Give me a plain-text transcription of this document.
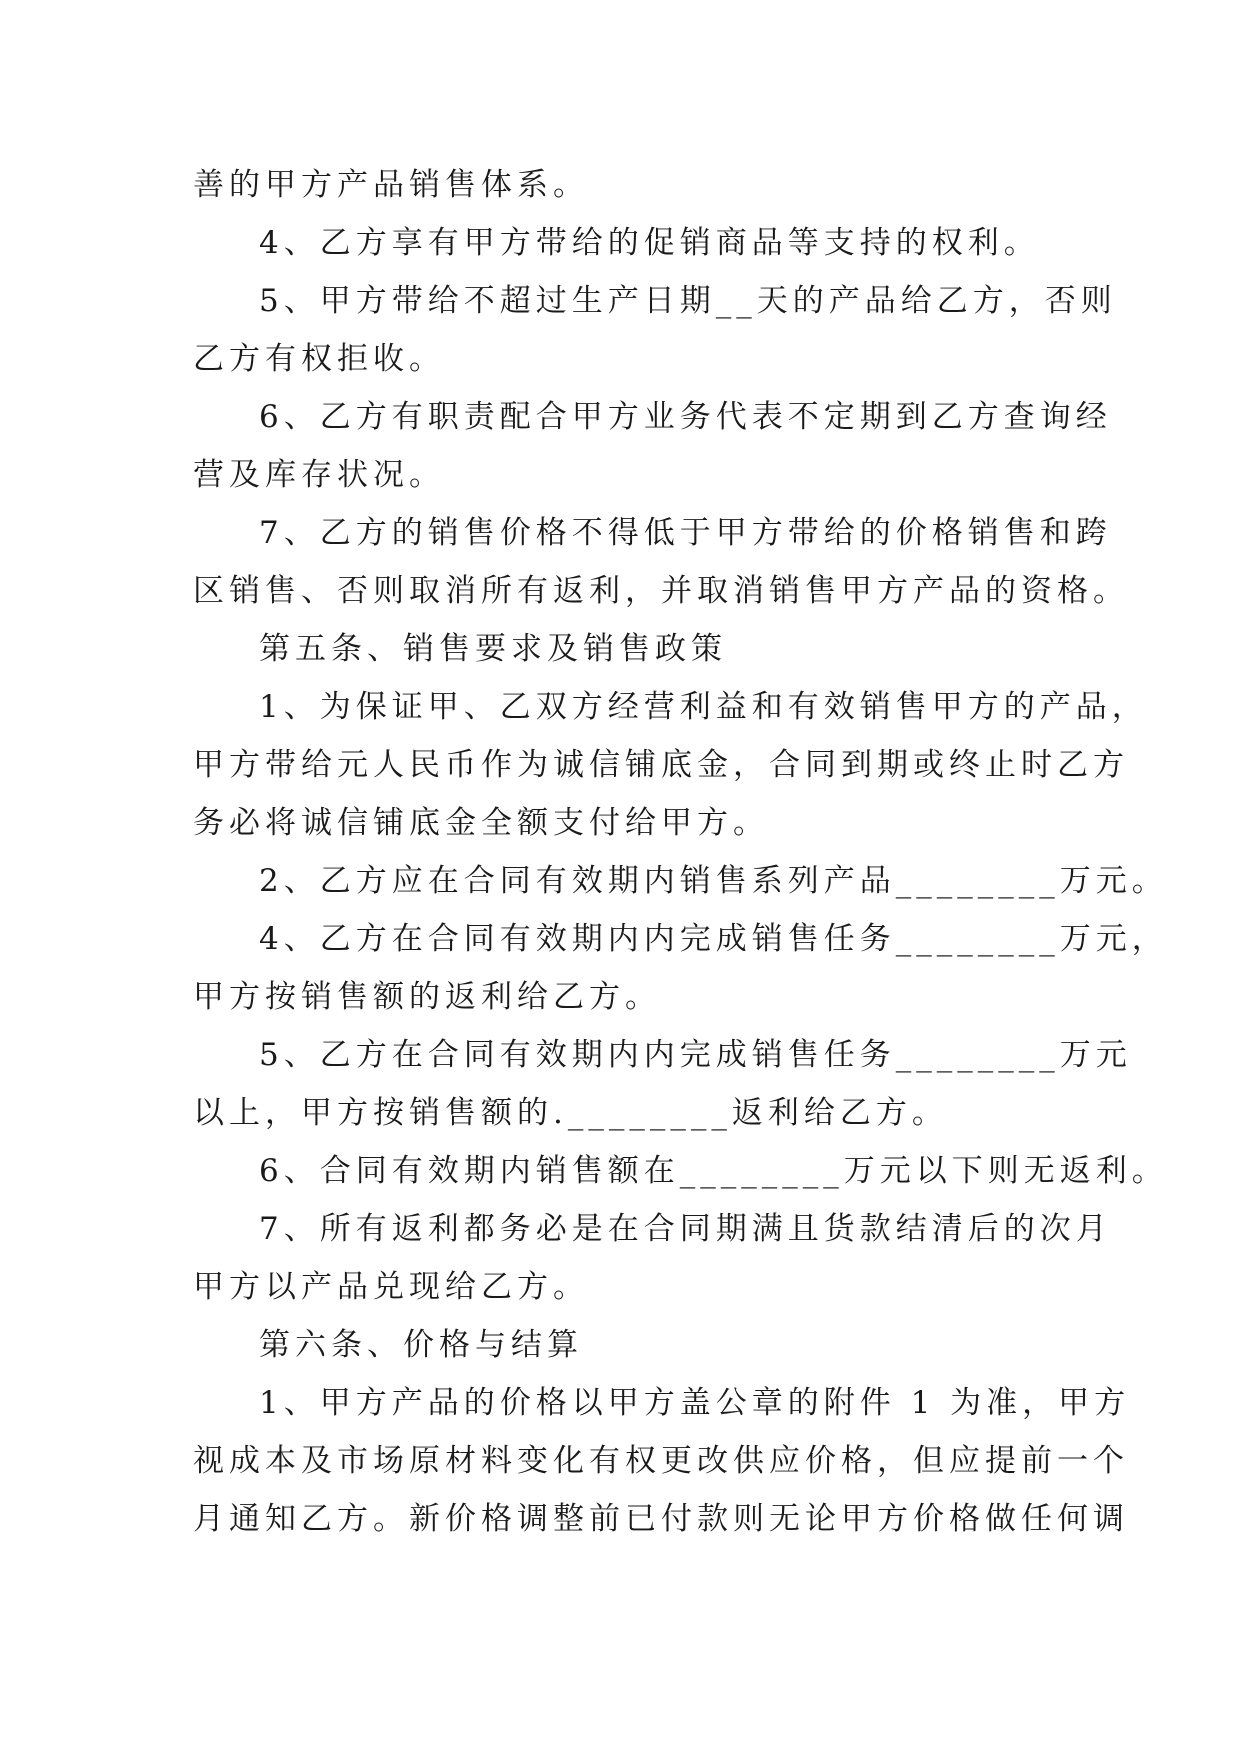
善的甲方产品销售体系。
4、乙方享有甲方带给的促销商品等支持的权利。
5、甲方带给不超过生产日期__天的产品给乙方，否则
乙方有权拒收。
6、乙方有职责配合甲方业务代表不定期到乙方查询经
营及库存状况。
7、乙方的销售价格不得低于甲方带给的价格销售和跨
区销售、否则取消所有返利，并取消销售甲方产品的资格。
第五条、销售要求及销售政策
1、为保证甲、乙双方经营利益和有效销售甲方的产品，
甲方带给元人民币作为诚信铺底金，合同到期或终止时乙方
务必将诚信铺底金全额支付给甲方。
2、乙方应在合同有效期内销售系列产品________万元。
4、乙方在合同有效期内内完成销售任务________万元，
甲方按销售额的返利给乙方。
5、乙方在合同有效期内内完成销售任务________万元
以上，甲方按销售额的.________返利给乙方。
6、合同有效期内销售额在________万元以下则无返利。
7、所有返利都务必是在合同期满且货款结清后的次月
甲方以产品兑现给乙方。
第六条、价格与结算
1、甲方产品的价格以甲方盖公章的附件 1 为准，甲方
视成本及市场原材料变化有权更改供应价格，但应提前一个
月通知乙方。新价格调整前已付款则无论甲方价格做任何调
